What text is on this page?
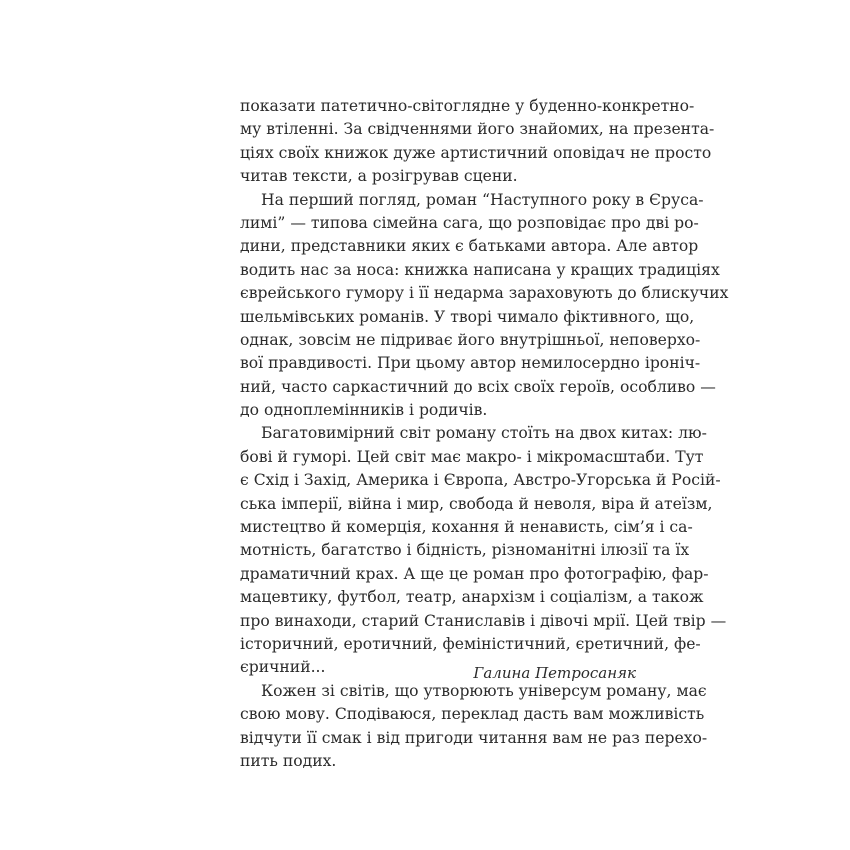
показати патетично-світоглядне у буденно-конкретно-
му втіленні. За свідченнями його знайомих, на презента-
ціях своїх книжок дуже артистичний оповідач не просто
читав тексти, а розігрував сцени.
На перший погляд, роман “Наступного року в Єруса-
лимі” — типова сімейна сага, що розповідає про дві ро-
дини, представники яких є батьками автора. Але автор
водить нас за носа: книжка написана у кращих традиціях
єврейського гумору і її недарма зараховують до блискучих
шельмівських романів. У творі чимало фіктивного, що,
однак, зовсім не підриває його внутрішньої, неповерхо-
вої правдивості. При цьому автор немилосердно іроніч-
ний, часто саркастичний до всіх своїх героїв, особливо —
до одноплемінників і родичів.
Багатовимірний світ роману стоїть на двох китах: лю-
бові й гуморі. Цей світ має макро- і мікромасштаби. Тут
є Схід і Захід, Америка і Європа, Австро-Угорська й Росій-
ська імперії, війна і мир, свобода й неволя, віра й атеїзм,
мистецтво й комерція, кохання й ненависть, сім’я і са-
мотність, багатство і бідність, різноманітні ілюзії та їх
драматичний крах. А ще це роман про фотографію, фар-
мацевтику, футбол, театр, анархізм і соціалізм, а також
про винаходи, старий Станиславів і дівочі мрії. Цей твір —
історичний, еротичний, феміністичний, єретичний, фе-
єричний...
Кожен зі світів, що утворюють універсум роману, має
свою мову. Сподіваюся, переклад дасть вам можливість
відчути її смак і від пригоди читання вам не раз перехо-
пить подих.
Галина Петросаняк
